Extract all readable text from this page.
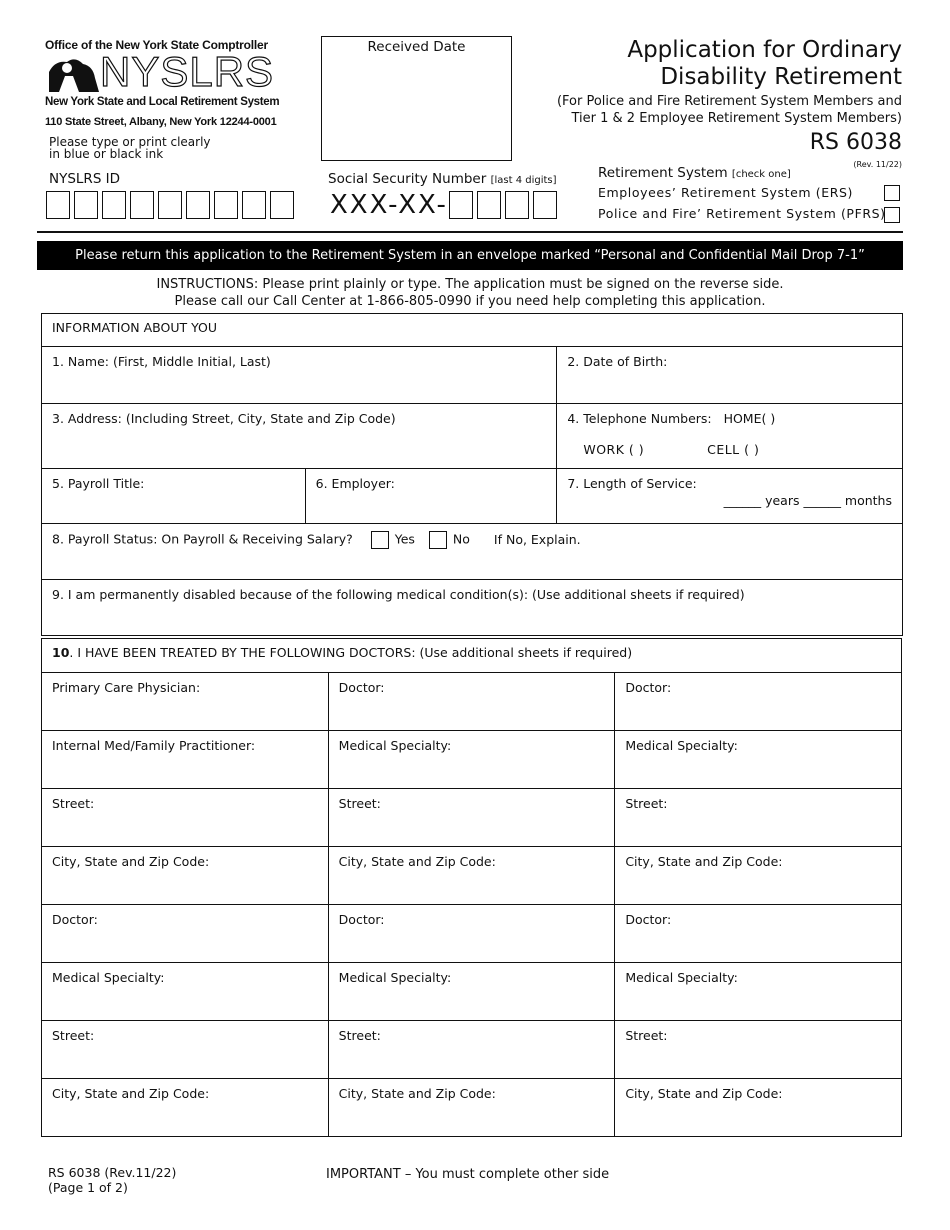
Office of the New York State Comptroller
NYSLRS
New York State and Local Retirement System
110 State Street, Albany, New York 12244-0001
Please type or print clearly
in blue or black ink
Received Date	Application for Ordinary
Disability Retirement
(For Police and Fire Retirement System Members and
Tier 1 & 2 Employee Retirement System Members)
RS 6038
(Rev. 11/22)
NYSLRS ID	Social Security Number [last 4 digits]
XXX-XX-
Retirement System [check one]
Employees’ Retirement System (ERS)
Police and Fire’ Retirement System (PFRS)
Please return this application to the Retirement System in an envelope marked “Personal and Confidential Mail Drop 7-1”
INSTRUCTIONS: Please print plainly or type. The application must be signed on the reverse side.
Please call our Call Center at 1-866-805-0990 if you need help completing this application.
INFORMATION ABOUT YOU		
1. Name: (First, Middle Initial, Last)		2. Date of Birth:
3. Address: (Including Street, City, State and Zip Code)		4. Telephone Numbers: HOME( )
WORK ( ) CELL ( )

5. Payroll Title:	6. Employer:	7. Length of Service:
______ years ______ months

8. Payroll Status: On Payroll & Receiving Salary? Yes No If No, Explain.		
9. I am permanently disabled because of the following medical condition(s): (Use additional sheets if required)		
10. I HAVE BEEN TREATED BY THE FOLLOWING DOCTORS: (Use additional sheets if required)		
Primary Care Physician:	Doctor:	Doctor:
Internal Med/Family Practitioner:	Medical Specialty:	Medical Specialty:
Street:	Street:	Street:
City, State and Zip Code:	City, State and Zip Code:	City, State and Zip Code:
Doctor:	Doctor:	Doctor:
Medical Specialty:	Medical Specialty:	Medical Specialty:
Street:	Street:	Street:
City, State and Zip Code:	City, State and Zip Code:	City, State and Zip Code:
RS 6038 (Rev.11/22)
(Page 1 of 2)
IMPORTANT – You must complete other side
